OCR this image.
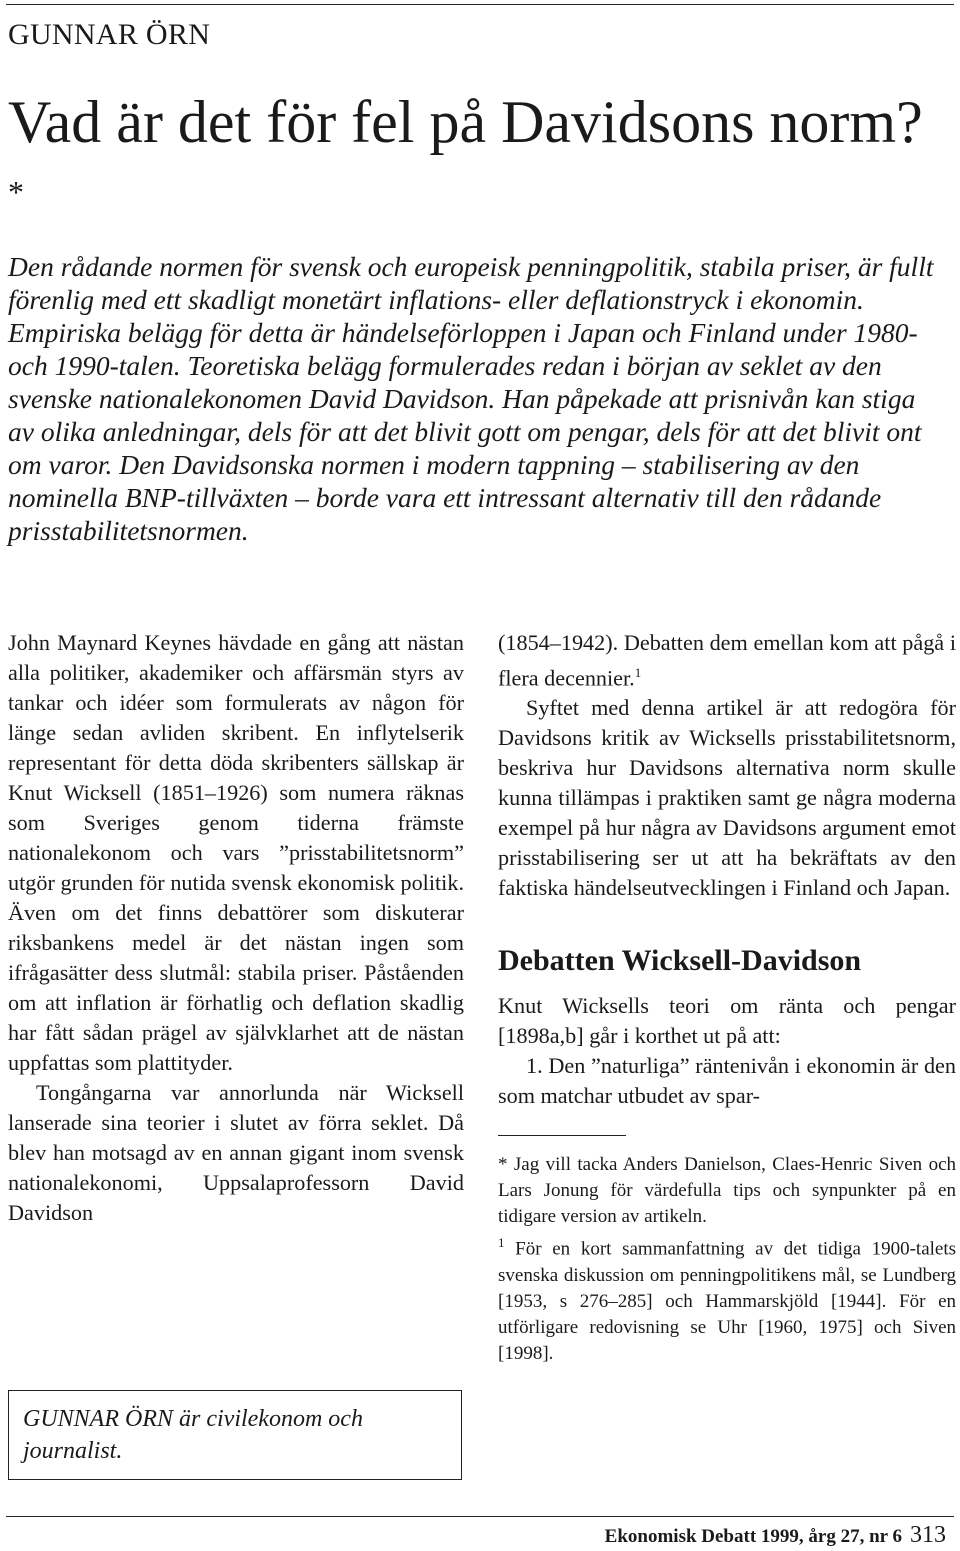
GUNNAR ÖRN
Vad är det för fel på Davidsons norm?*

Den rådande normen för svensk och europeisk penningpolitik, stabila priser, är fullt förenlig med ett skadligt monetärt inflations- eller deflationstryck i ekonomin. Empiriska belägg för detta är händelseförloppen i Japan och Finland under 1980- och 1990-talen. Teoretiska belägg formulerades redan i början av seklet av den svenske nationalekonomen David Davidson. Han påpekade att prisnivån kan stiga av olika anledningar, dels för att det blivit gott om pengar, dels för att det blivit ont om varor. Den Davidsonska normen i modern tappning – stabilisering av den nominella BNP-tillväxten – borde vara ett intressant alternativ till den rådande prisstabilitetsnormen.

John Maynard Keynes hävdade en gång att nästan alla politiker, akademiker och affärsmän styrs av tankar och idéer som formulerats av någon för länge sedan avliden skribent. En inflytelserik representant för detta döda skribenters sällskap är Knut Wicksell (1851–1926) som numera räknas som Sveriges genom tiderna främste nationalekonom och vars ”prisstabilitetsnorm” utgör grunden för nutida svensk ekonomisk politik. Även om det finns debattörer som diskuterar riksbankens medel är det nästan ingen som ifrågasätter dess slutmål: stabila priser. Påståenden om att inflation är förhatlig och deflation skadlig har fått sådan prägel av självklarhet att de nästan uppfattas som plattityder.

Tongångarna var annorlunda när Wicksell lanserade sina teorier i slutet av förra seklet. Då blev han motsagd av en annan gigant inom svensk nationalekonomi, Uppsalaprofessorn David Davidson

(1854–1942). Debatten dem emellan kom att pågå i flera decennier.$^1$

Syftet med denna artikel är att redogöra för Davidsons kritik av Wicksells prisstabilitetsnorm, beskriva hur Davidsons alternativa norm skulle kunna tillämpas i praktiken samt ge några moderna exempel på hur några av Davidsons argument emot prisstabilisering ser ut att ha bekräftats av den faktiska händelseutvecklingen i Finland och Japan.

Debatten Wicksell-Davidson

Knut Wicksells teori om ränta och pengar [1898a,b] går i korthet ut på att:

1. Den ”naturliga” räntenivån i ekonomin är den som matchar utbudet av spar-

* Jag vill tacka Anders Danielson, Claes-Henric Siven och Lars Jonung för värdefulla tips och synpunkter på en tidigare version av artikeln.

$^1$ För en kort sammanfattning av det tidiga 1900-talets svenska diskussion om penningpolitikens mål, se Lundberg [1953, s 276–285] och Hammarskjöld [1944]. För en utförligare redovisning se Uhr [1960, 1975] och Siven [1998].

GUNNAR ÖRN är civilekonom och journalist.
Ekonomisk Debatt 1999, årg 27, nr 6 313
